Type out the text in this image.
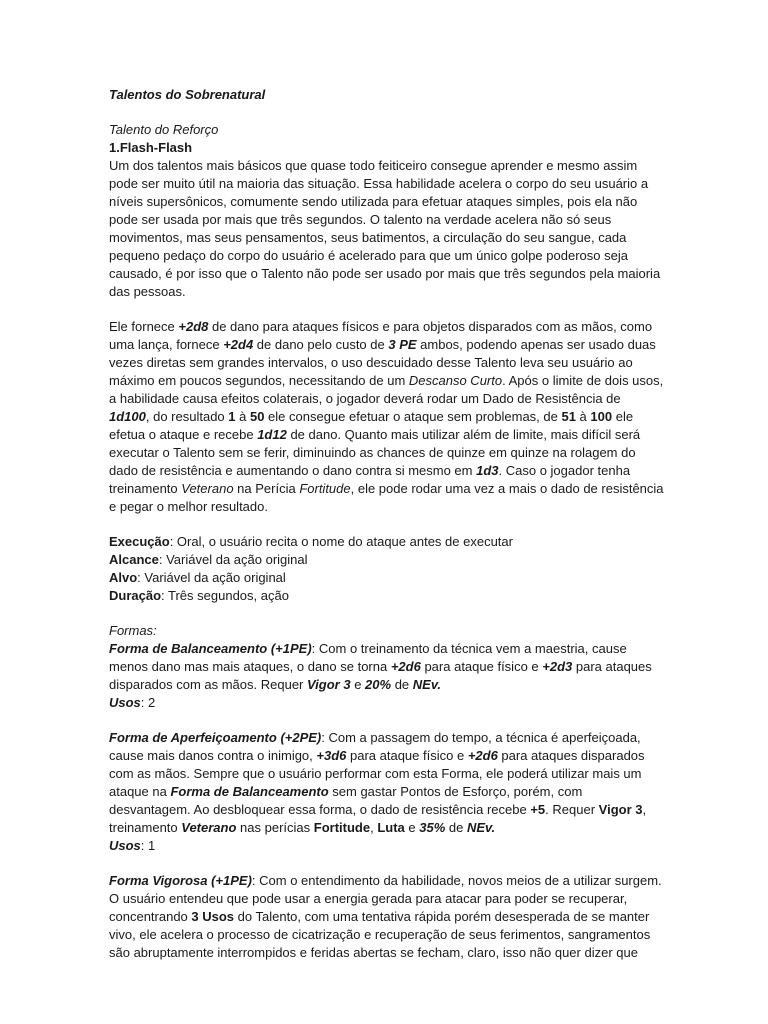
Talentos do Sobrenatural

Talento do Reforço

1.Flash-Flash

Um dos talentos mais básicos que quase todo feiticeiro consegue aprender e mesmo assim pode ser muito útil na maioria das situação. Essa habilidade acelera o corpo do seu usuário a níveis supersônicos, comumente sendo utilizada para efetuar ataques simples, pois ela não pode ser usada por mais que três segundos. O talento na verdade acelera não só seus movimentos, mas seus pensamentos, seus batimentos, a circulação do seu sangue, cada pequeno pedaço do corpo do usuário é acelerado para que um único golpe poderoso seja causado, é por isso que o Talento não pode ser usado por mais que três segundos pela maioria das pessoas.

Ele fornece +2d8 de dano para ataques físicos e para objetos disparados com as mãos, como uma lança, fornece +2d4 de dano pelo custo de 3 PE ambos, podendo apenas ser usado duas vezes diretas sem grandes intervalos, o uso descuidado desse Talento leva seu usuário ao máximo em poucos segundos, necessitando de um Descanso Curto. Após o limite de dois usos, a habilidade causa efeitos colaterais, o jogador deverá rodar um Dado de Resistência de 1d100, do resultado 1 à 50 ele consegue efetuar o ataque sem problemas, de 51 à 100 ele efetua o ataque e recebe 1d12 de dano. Quanto mais utilizar além de limite, mais difícil será executar o Talento sem se ferir, diminuindo as chances de quinze em quinze na rolagem do dado de resistência e aumentando o dano contra si mesmo em 1d3. Caso o jogador tenha treinamento Veterano na Perícia Fortitude, ele pode rodar uma vez a mais o dado de resistência e pegar o melhor resultado.

Execução: Oral, o usuário recita o nome do ataque antes de executar

Alcance: Variável da ação original

Alvo: Variável da ação original

Duração: Três segundos, ação

Formas:

Forma de Balanceamento (+1PE): Com o treinamento da técnica vem a maestria, cause menos dano mas mais ataques, o dano se torna +2d6 para ataque físico e +2d3 para ataques disparados com as mãos. Requer Vigor 3 e 20% de NEv.

Usos: 2

Forma de Aperfeiçoamento (+2PE): Com a passagem do tempo, a técnica é aperfeiçoada, cause mais danos contra o inimigo, +3d6 para ataque físico e +2d6 para ataques disparados com as mãos. Sempre que o usuário performar com esta Forma, ele poderá utilizar mais um ataque na Forma de Balanceamento sem gastar Pontos de Esforço, porém, com desvantagem. Ao desbloquear essa forma, o dado de resistência recebe +5. Requer Vigor 3, treinamento Veterano nas perícias Fortitude, Luta e 35% de NEv.

Usos: 1

Forma Vigorosa (+1PE): Com o entendimento da habilidade, novos meios de a utilizar surgem. O usuário entendeu que pode usar a energia gerada para atacar para poder se recuperar, concentrando 3 Usos do Talento, com uma tentativa rápida porém desesperada de se manter vivo, ele acelera o processo de cicatrização e recuperação de seus ferimentos, sangramentos são abruptamente interrompidos e feridas abertas se fecham, claro, isso não quer dizer que
